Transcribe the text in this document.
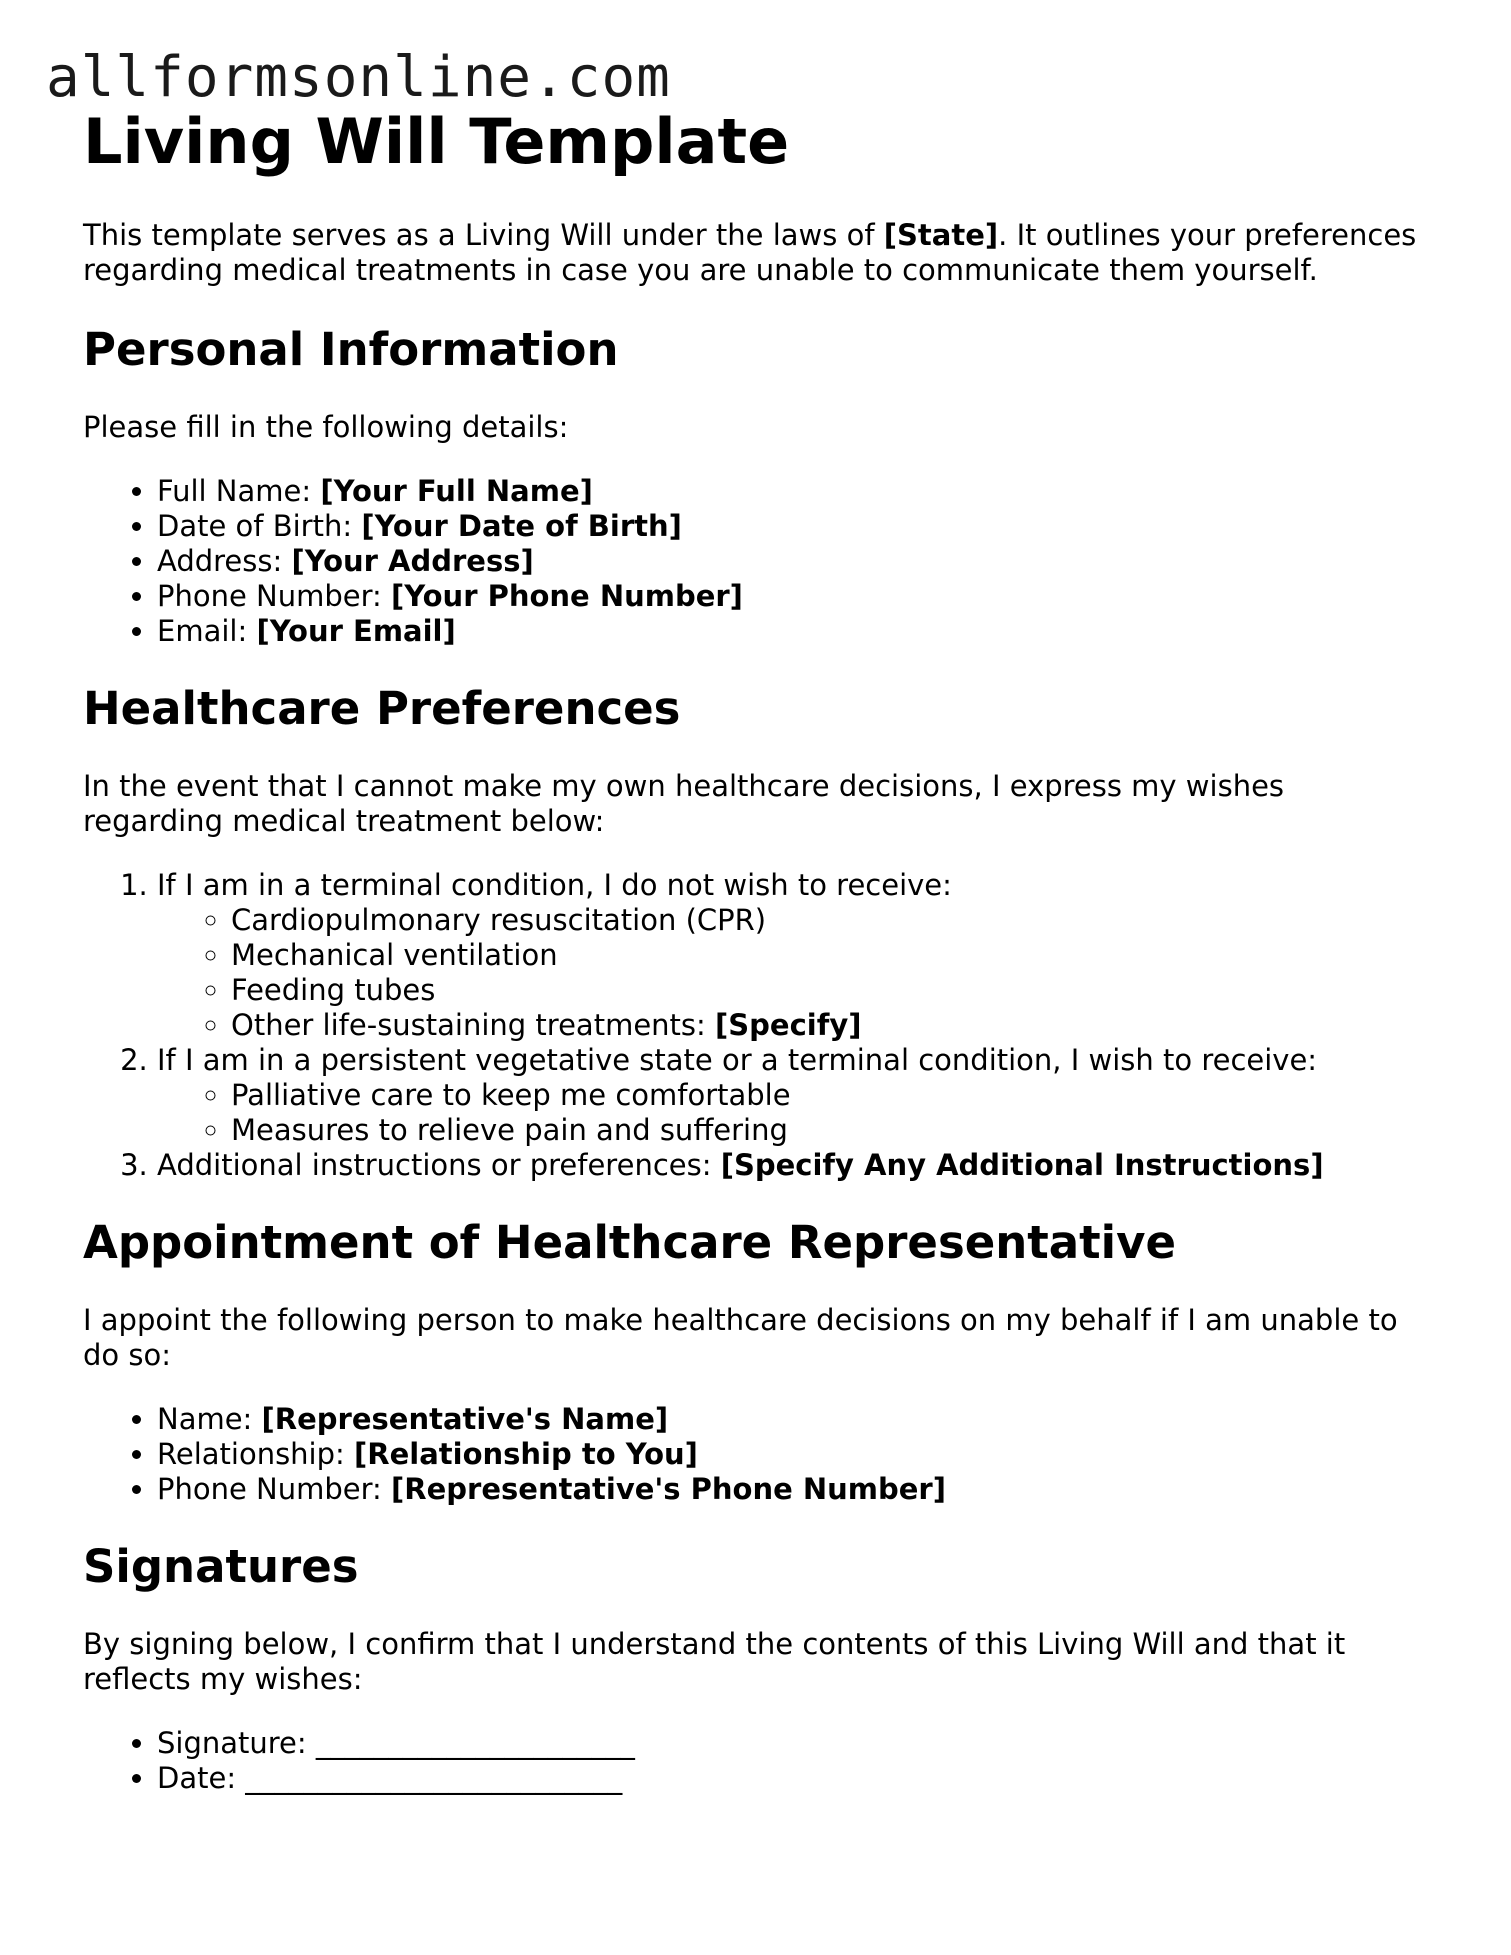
allformsonline.com
Living Will Template

This template serves as a Living Will under the laws of [State]. It outlines your preferences regarding medical treatments in case you are unable to communicate them yourself.

Personal Information

Please fill in the following details:

• Full Name: [Your Full Name]
• Date of Birth: [Your Date of Birth]
• Address: [Your Address]
• Phone Number: [Your Phone Number]
• Email: [Your Email]
Healthcare Preferences

In the event that I cannot make my own healthcare decisions, I express my wishes regarding medical treatment below:

1. If I am in a terminal condition, I do not wish to receive:
◦ Cardiopulmonary resuscitation (CPR)
◦ Mechanical ventilation
◦ Feeding tubes
◦ Other life-sustaining treatments: [Specify]
2. If I am in a persistent vegetative state or a terminal condition, I wish to receive:
◦ Palliative care to keep me comfortable
◦ Measures to relieve pain and suffering
3. Additional instructions or preferences: [Specify Any Additional Instructions]
Appointment of Healthcare Representative

I appoint the following person to make healthcare decisions on my behalf if I am unable to do so:

• Name: [Representative's Name]
• Relationship: [Relationship to You]
• Phone Number: [Representative's Phone Number]
Signatures

By signing below, I confirm that I understand the contents of this Living Will and that it reflects my wishes:

• Signature: ______________________
• Date: __________________________
